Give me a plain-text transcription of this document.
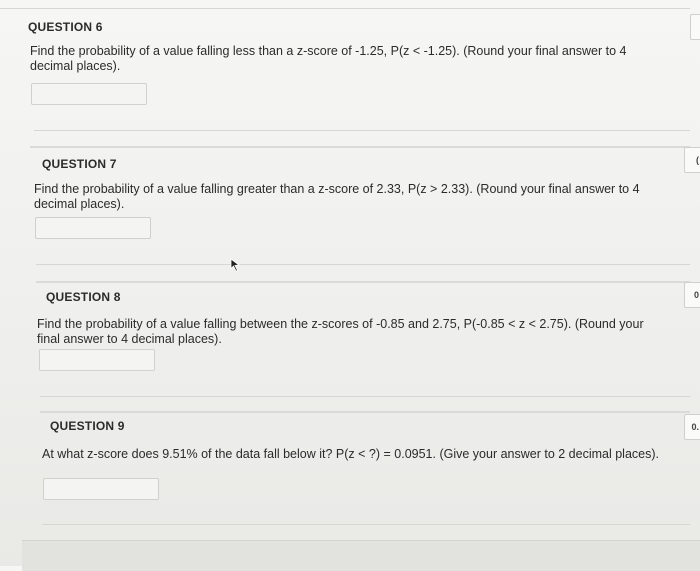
QUESTION 6
Find the probability of a value falling less than a z-score of -1.25, P(z < -1.25). (Round your final answer to 4
decimal places).
QUESTION 7	(
Find the probability of a value falling greater than a z-score of 2.33, P(z > 2.33). (Round your final answer to 4
decimal places).
QUESTION 8	0
Find the probability of a value falling between the z-scores of -0.85 and 2.75, P(-0.85 < z < 2.75). (Round your
final answer to 4 decimal places).
QUESTION 9	0.
At what z-score does 9.51% of the data fall below it? P(z < ?) = 0.0951. (Give your answer to 2 decimal places).
